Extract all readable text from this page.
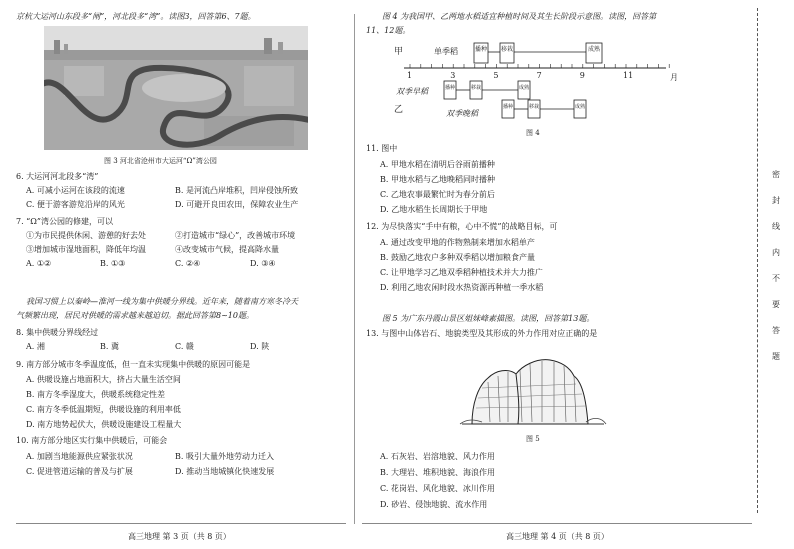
京杭大运河山东段多“闸”，河北段多“湾”。读图3，回答第6、7题。
图 3 河北省沧州市大运河“Ω”湾公园
6. 大运河河北段多“湾”
A. 可减小运河在该段的流速	B. 是河流凸岸堆积，凹岸侵蚀所致
C. 便于游客游览沿岸的风光	D. 可避开良田农田，保障农业生产
7. “Ω”湾公园的修建，可以
①为市民提供休闲、游憩的好去处	②打造城市“绿心”，改善城市环境
③增加城市湿地面积，降低年均温	④改变城市气候，提高降水量
A. ①②	B. ①③	C. ②④	D. ③④
我国习惯上以秦岭—淮河一线为集中供暖分界线。近年来，随着南方寒冬冷天
气频繁出现，居民对供暖的需求越来越迫切。据此回答第8~10题。
8. 集中供暖分界线经过
A. 湘	B. 冀	C. 赣	D. 陕
9. 南方部分城市冬季温度低，但一直未实现集中供暖的原因可能是
A. 供暖设施占地面积大，挤占大量生活空间
B. 南方冬季湿度大，供暖系统稳定性差
C. 南方冬季低温期短，供暖设施的利用率低
D. 南方地势起伏大，供暖设施建设工程量大
10. 南方部分地区实行集中供暖后，可能会
A. 加剧当地能源供应紧张状况	B. 吸引大量外地劳动力迁入
C. 促进管道运输的普及与扩展	D. 推动当地城镇化快速发展
高三地理 第 3 页（共 8 页）
图 4 为我国甲、乙两地水稻适宜种植时间及其生长阶段示意图。读图，回答第
11、12题。
甲	单季稻	播种 移栽	成熟
1	3	5	7	9	11	月
双季早稻	播种	移栽	成熟
乙	双季晚稻
播种	移栽	成熟
图 4
11. 图中
A. 甲地水稻在清明后谷雨前播种
B. 甲地水稻与乙地晚稻同时播种
C. 乙地农事最繁忙时为春分前后
D. 乙地水稻生长周期长于甲地
12. 为尽快落实“手中有粮，心中不慌”的战略目标，可
A. 通过改变甲地的作物熟制来增加水稻单产
B. 鼓励乙地农户多种双季稻以增加粮食产量
C. 让甲地学习乙地双季稻种植技术并大力推广
D. 利用乙地农闲时段水热资源再种植一季水稻
图 5 为广东丹霞山景区姐妹峰素描图。读图，回答第13题。
13. 与图中山体岩石、地貌类型及其形成的外力作用对应正确的是
图 5
A. 石灰岩、岩溶地貌、风力作用
B. 大理岩、堆积地貌、海浪作用
C. 花岗岩、风化地貌、冰川作用
D. 砂岩、侵蚀地貌、流水作用
高三地理 第 4 页（共 8 页）
密
封
线
内
不
要
答
题
